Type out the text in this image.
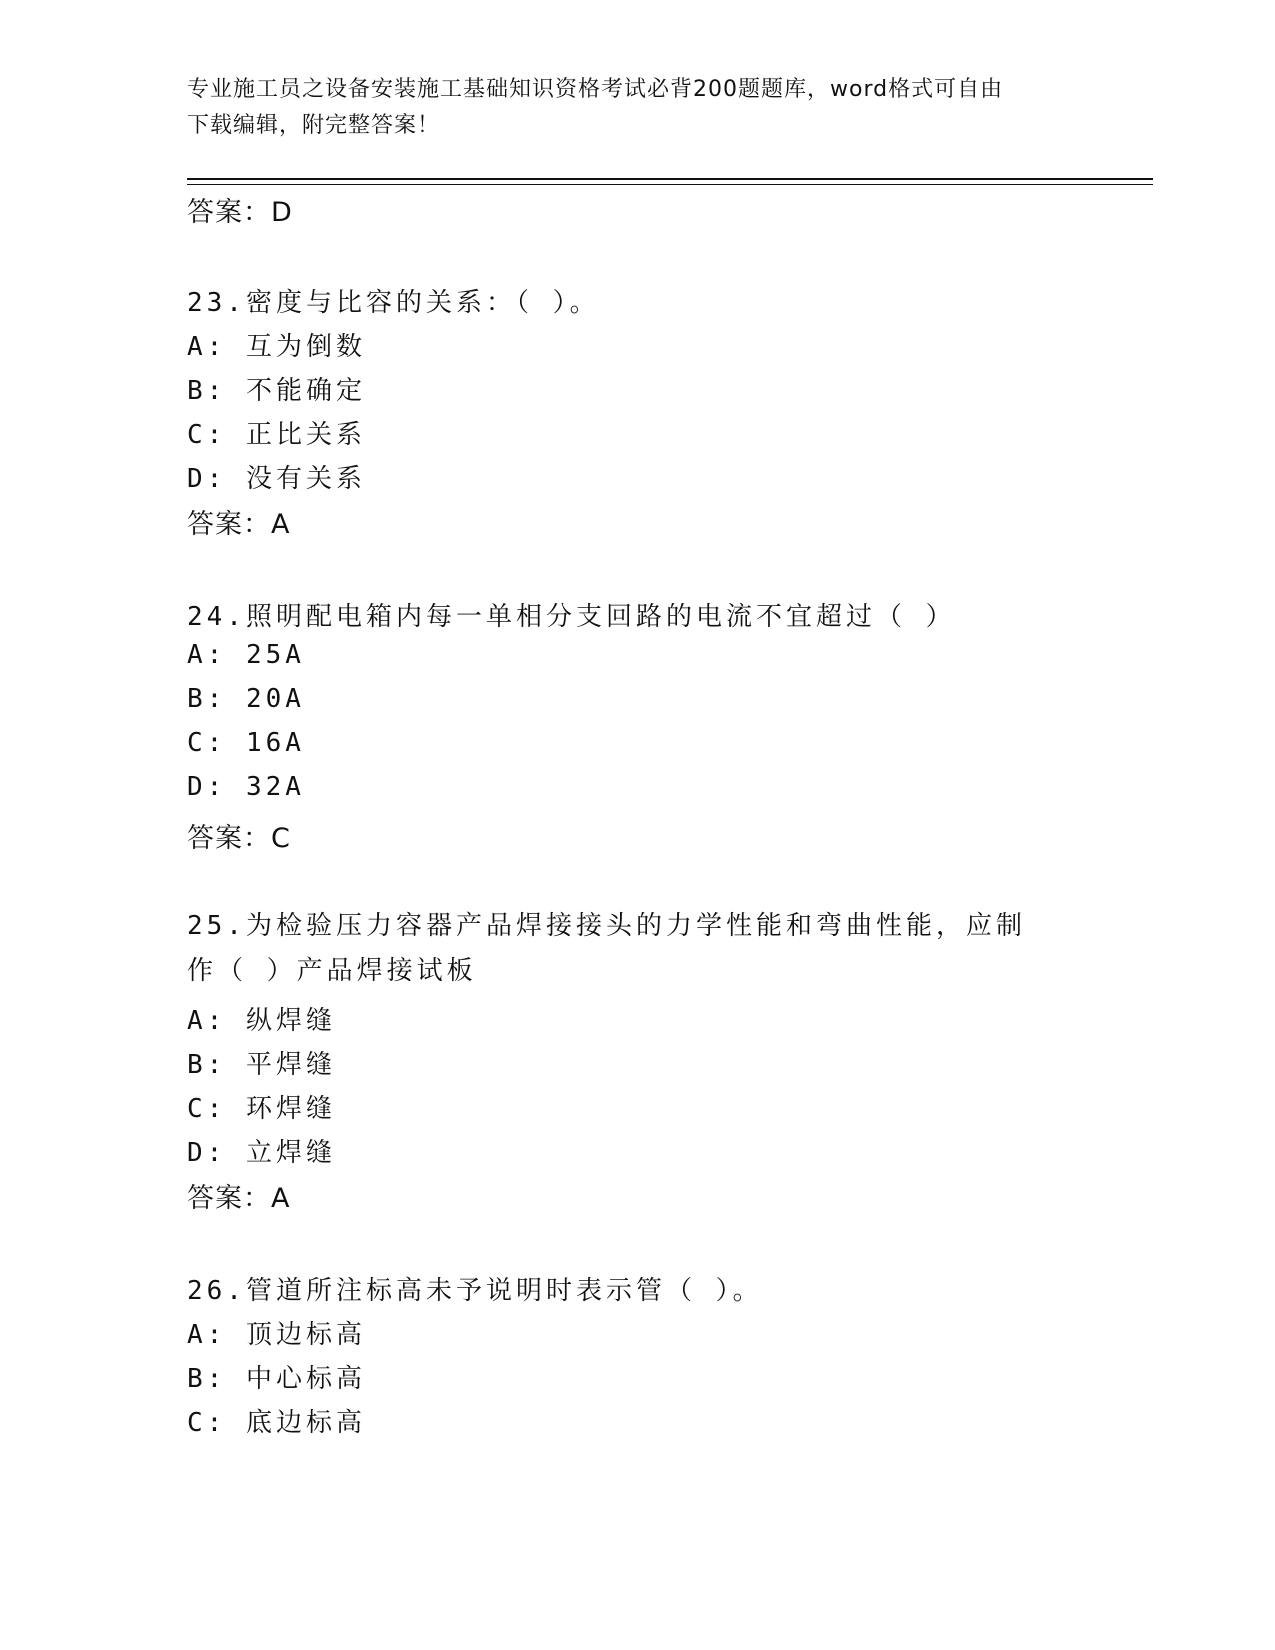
专业施工员之设备安装施工基础知识资格考试必背200题题库，word格式可自由
下载编辑，附完整答案！
答案：D
23.密度与比容的关系：（ ）。
A: 互为倒数
B: 不能确定
C: 正比关系
D: 没有关系
答案：A
24.照明配电箱内每一单相分支回路的电流不宜超过（ ）
A: 25A
B: 20A
C: 16A
D: 32A
答案：C
25.为检验压力容器产品焊接接头的力学性能和弯曲性能，应制作（ ）产品焊接试板
A: 纵焊缝
B: 平焊缝
C: 环焊缝
D: 立焊缝
答案：A
26.管道所注标高未予说明时表示管（ ）。
A: 顶边标高
B: 中心标高
C: 底边标高
